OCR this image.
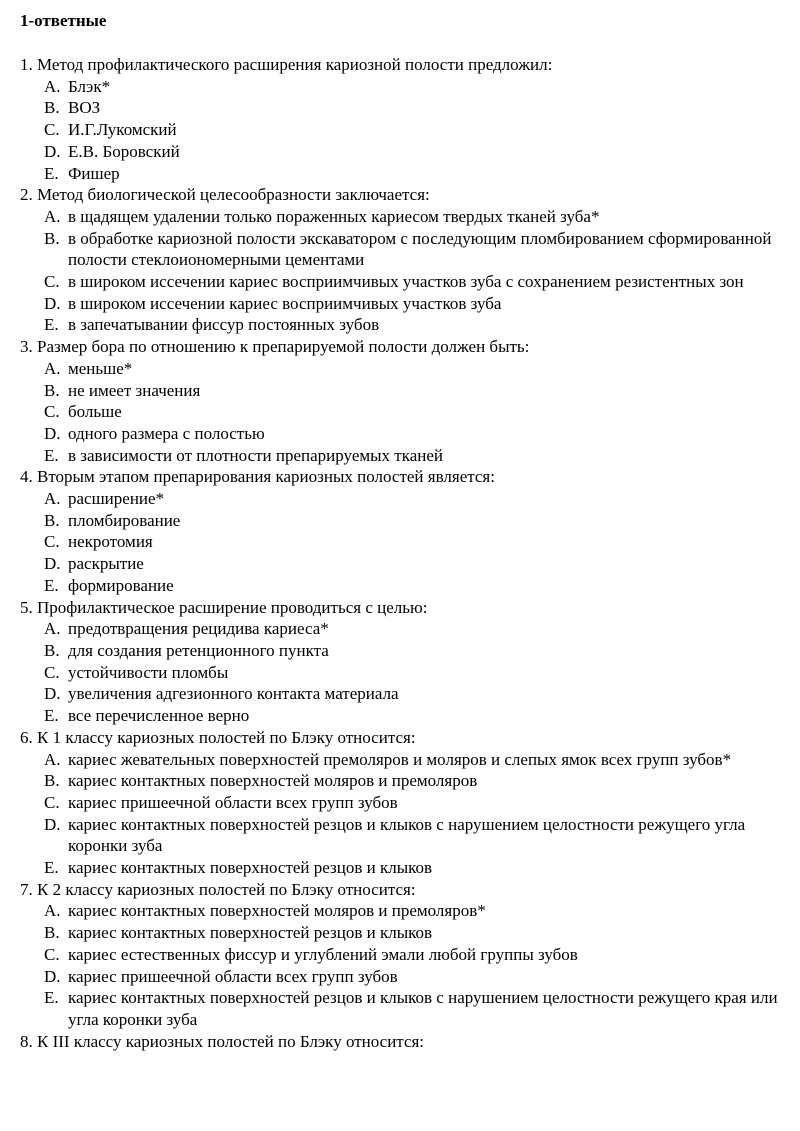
1-ответные
1. Метод профилактического расширения кариозной полости предложил:
A. Блэк*
B. ВОЗ
C. И.Г.Лукомский
D. Е.В. Боровский
E. Фишер
2. Метод биологической целесообразности заключается:
A. в щадящем удалении только пораженных кариесом твердых тканей зуба*
B. в обработке кариозной полости экскаватором с последующим пломбированием сформированной полости стеклоиономерными цементами
C. в широком иссечении кариес восприимчивых участков зуба с сохранением резистентных зон
D. в широком иссечении кариес восприимчивых участков зуба
E. в запечатывании фиссур постоянных зубов
3. Размер бора по отношению к препарируемой полости должен быть:
A. меньше*
B. не имеет значения
C. больше
D. одного размера с полостью
E. в зависимости от плотности препарируемых тканей
4. Вторым этапом препарирования кариозных полостей является:
A. расширение*
B. пломбирование
C. некротомия
D. раскрытие
E. формирование
5. Профилактическое расширение проводиться с целью:
A. предотвращения рецидива кариеса*
B. для создания ретенционного пункта
C. устойчивости пломбы
D. увеличения адгезионного контакта материала
E. все перечисленное верно
6. К 1 классу кариозных полостей по Блэку относится:
A. кариес жевательных поверхностей премоляров и моляров и слепых ямок всех групп зубов*
B. кариес контактных поверхностей моляров и премоляров
C. кариес пришеечной области всех групп зубов
D. кариес контактных поверхностей резцов и клыков с нарушением целостности режущего угла коронки зуба
E. кариес контактных поверхностей резцов и клыков
7. К 2 классу кариозных полостей по Блэку относится:
A. кариес контактных поверхностей моляров и премоляров*
B. кариес контактных поверхностей резцов и клыков
C. кариес естественных фиссур и углублений эмали любой группы зубов
D. кариес пришеечной области всех групп зубов
E. кариес контактных поверхностей резцов и клыков с нарушением целостности режущего края или угла коронки зуба
8. К III классу кариозных полостей по Блэку относится:
